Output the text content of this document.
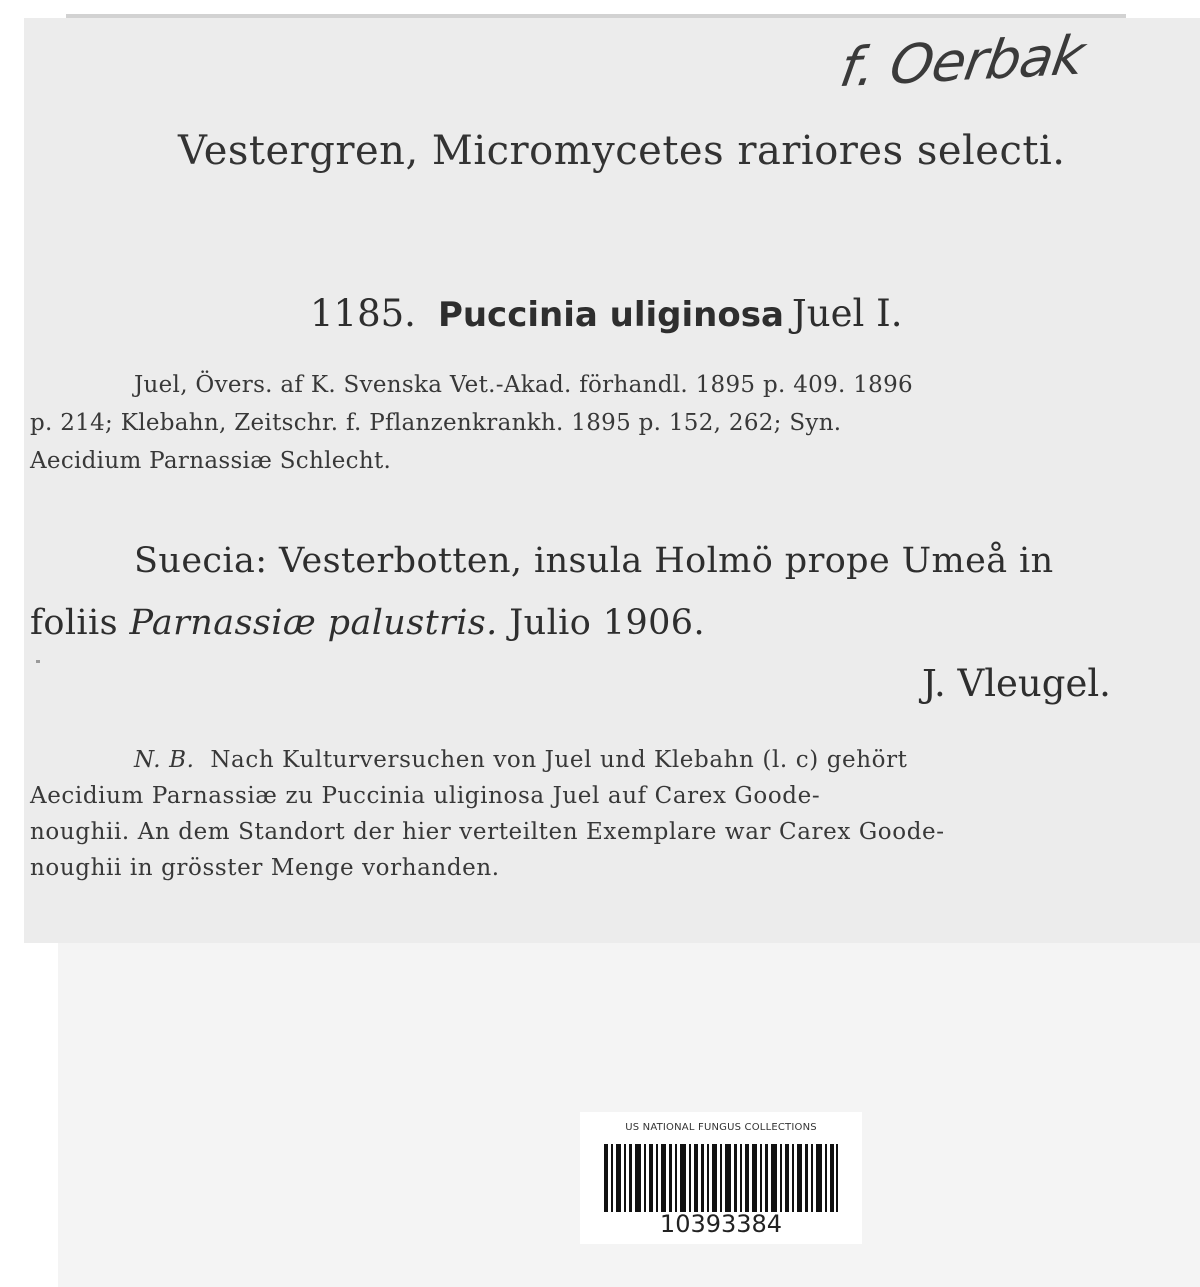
f. Oerbak
Vestergren, Micromycetes rariores selecti.
1185. Puccinia uliginosa Juel I.
Juel, Övers. af K. Svenska Vet.-Akad. förhandl. 1895 p. 409. 1896
p. 214; Klebahn, Zeitschr. f. Pflanzenkrankh. 1895 p. 152, 262; Syn.
Aecidium Parnassiæ Schlecht.
Suecia: Vesterbotten, insula Holmö prope Umeå in
foliis Parnassiæ palustris. Julio 1906.
J. Vleugel.
N. B. Nach Kulturversuchen von Juel und Klebahn (l. c) gehört
Aecidium Parnassiæ zu Puccinia uliginosa Juel auf Carex Goode-
noughii. An dem Standort der hier verteilten Exemplare war Carex Goode-
noughii in grösster Menge vorhanden.
US NATIONAL FUNGUS COLLECTIONS
10393384
